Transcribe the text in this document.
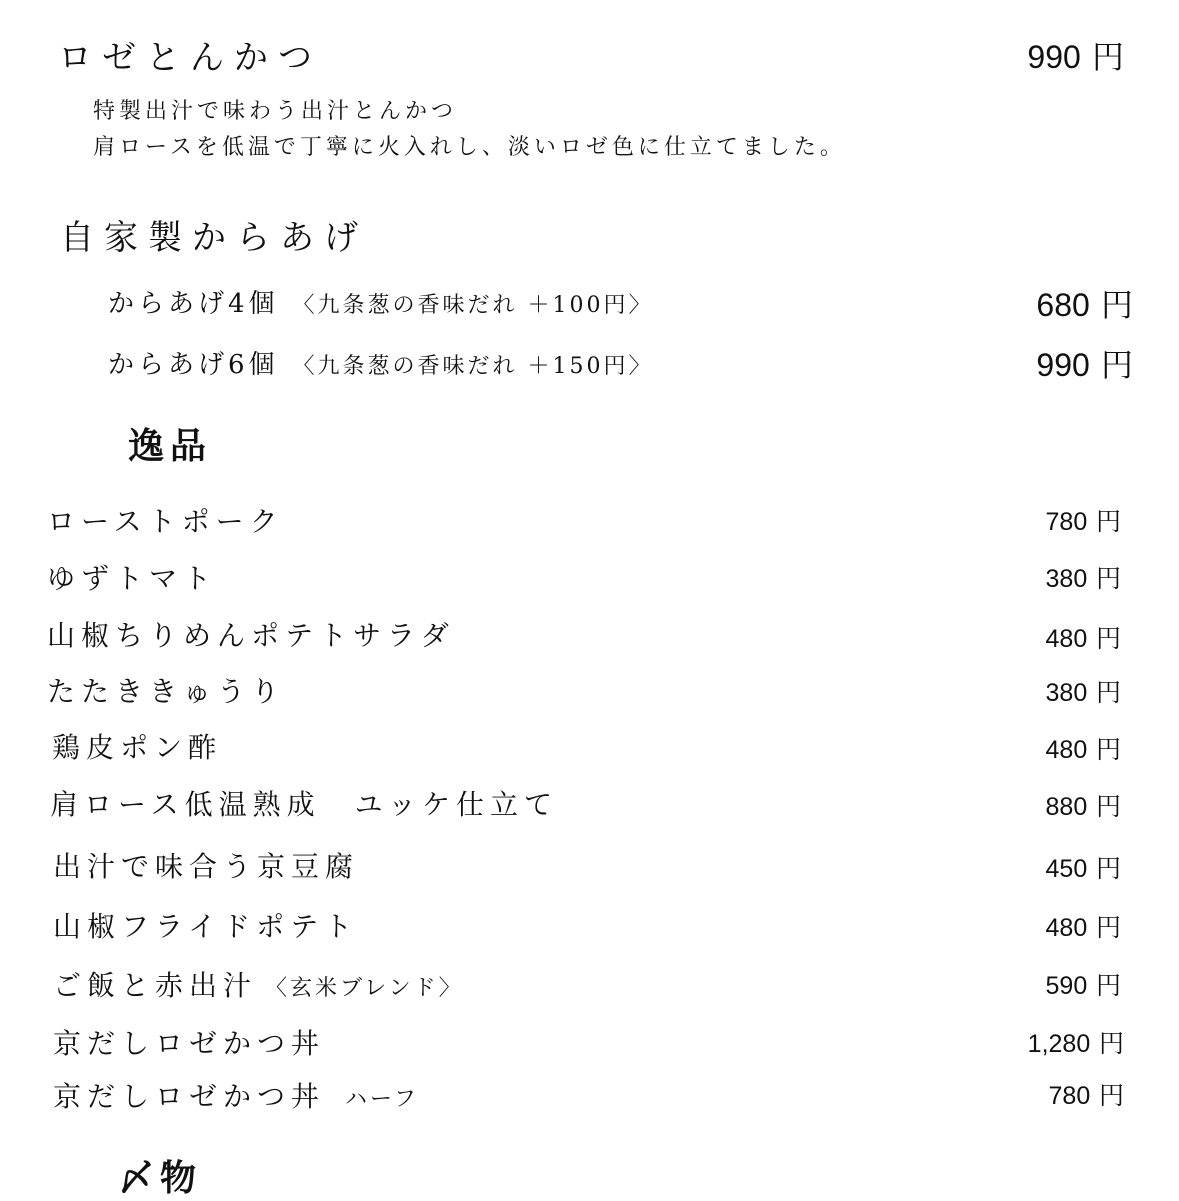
ロゼとんかつ	990 円
特製出汁で味わう出汁とんかつ
肩ロースを低温で丁寧に火入れし、淡いロゼ色に仕立てました。
自家製からあげ
からあげ4個 〈九条葱の香味だれ ＋100円〉	680 円
からあげ6個 〈九条葱の香味だれ ＋150円〉	990 円
逸品
ローストポーク	780 円
ゆずトマト	380 円
山椒ちりめんポテトサラダ	480 円
たたききゅうり	380 円
鶏皮ポン酢	480 円
肩ロース低温熟成　ユッケ仕立て	880 円
出汁で味合う京豆腐	450 円
山椒フライドポテト	480 円
ご飯と赤出汁 〈玄米ブレンド〉	590 円
京だしロゼかつ丼	1,280 円
京だしロゼかつ丼 ハーフ	780 円
〆物
